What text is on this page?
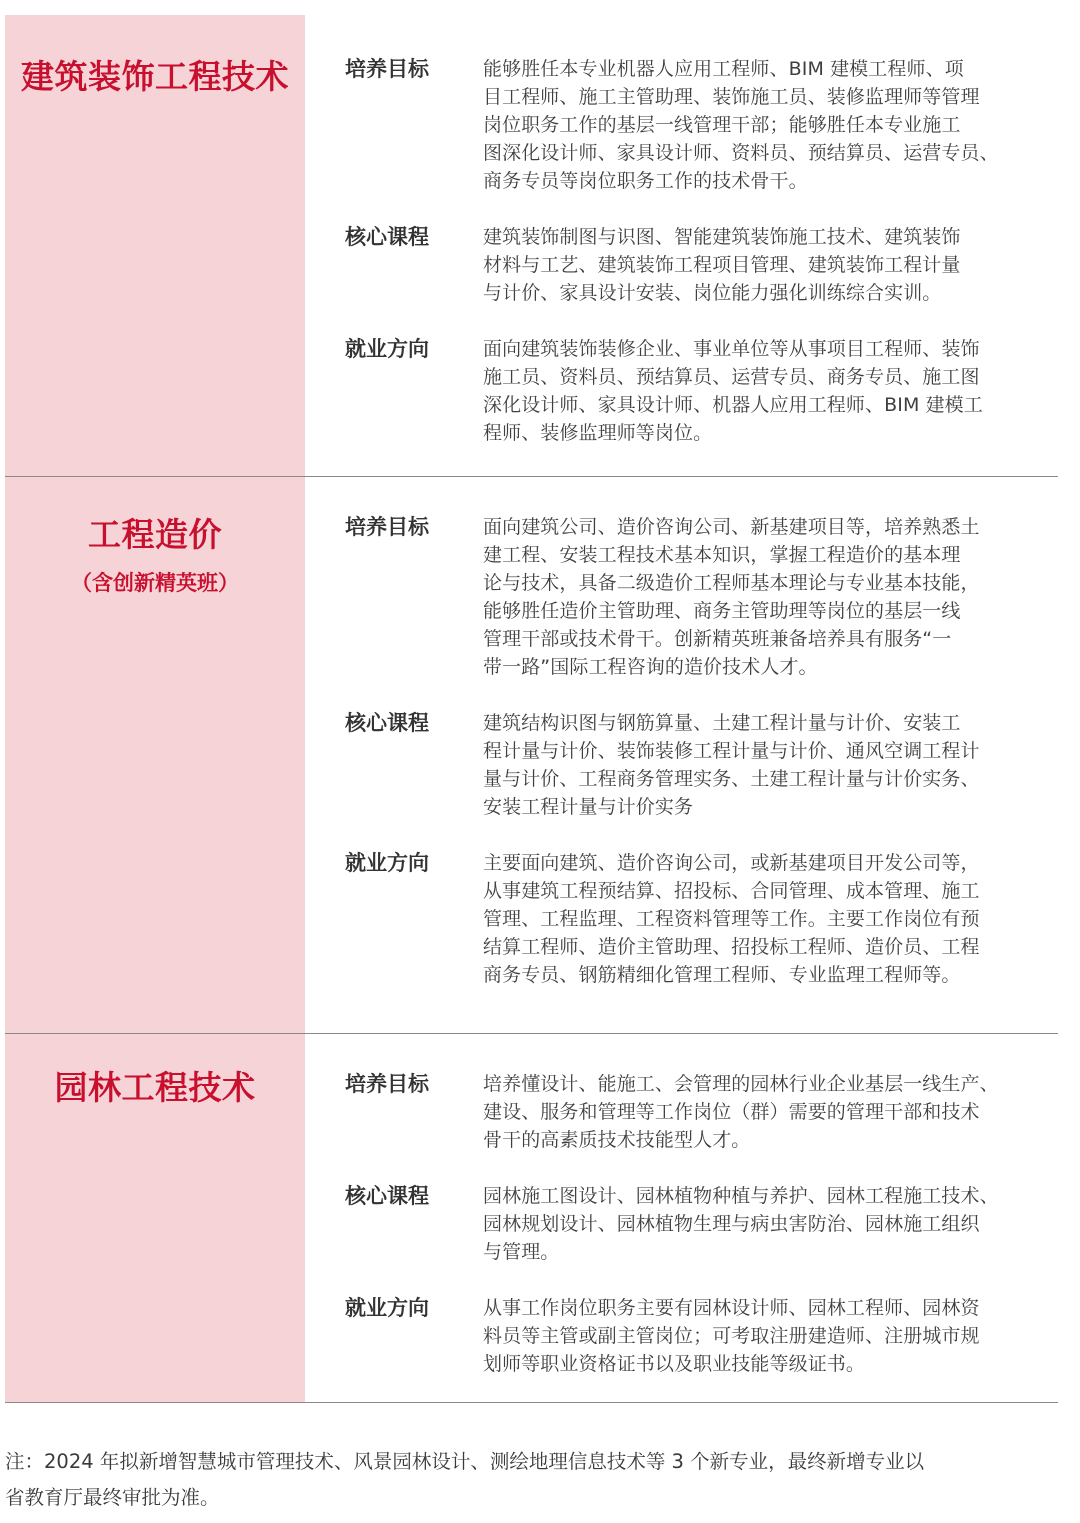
建筑装饰工程技术	培养目标	能够胜任本专业机器人应用工程师、BIM 建模工程师、项
目工程师、施工主管助理、装饰施工员、装修监理师等管理
岗位职务工作的基层一线管理干部；能够胜任本专业施工
图深化设计师、家具设计师、资料员、预结算员、运营专员、
商务专员等岗位职务工作的技术骨干。
核心课程	建筑装饰制图与识图、智能建筑装饰施工技术、建筑装饰
材料与工艺、建筑装饰工程项目管理、建筑装饰工程计量
与计价、家具设计安装、岗位能力强化训练综合实训。
就业方向	面向建筑装饰装修企业、事业单位等从事项目工程师、装饰
施工员、资料员、预结算员、运营专员、商务专员、施工图
深化设计师、家具设计师、机器人应用工程师、BIM 建模工
程师、装修监理师等岗位。
工程造价
（含创新精英班）
培养目标	面向建筑公司、造价咨询公司、新基建项目等，培养熟悉土
建工程、安装工程技术基本知识，掌握工程造价的基本理
论与技术，具备二级造价工程师基本理论与专业基本技能，
能够胜任造价主管助理、商务主管助理等岗位的基层一线
管理干部或技术骨干。创新精英班兼备培养具有服务“一
带一路”国际工程咨询的造价技术人才。
核心课程	建筑结构识图与钢筋算量、土建工程计量与计价、安装工
程计量与计价、装饰装修工程计量与计价、通风空调工程计
量与计价、工程商务管理实务、土建工程计量与计价实务、
安装工程计量与计价实务
就业方向	主要面向建筑、造价咨询公司，或新基建项目开发公司等，
从事建筑工程预结算、招投标、合同管理、成本管理、施工
管理、工程监理、工程资料管理等工作。主要工作岗位有预
结算工程师、造价主管助理、招投标工程师、造价员、工程
商务专员、钢筋精细化管理工程师、专业监理工程师等。
园林工程技术	培养目标	培养懂设计、能施工、会管理的园林行业企业基层一线生产、
建设、服务和管理等工作岗位（群）需要的管理干部和技术
骨干的高素质技术技能型人才。
核心课程	园林施工图设计、园林植物种植与养护、园林工程施工技术、
园林规划设计、园林植物生理与病虫害防治、园林施工组织
与管理。
就业方向	从事工作岗位职务主要有园林设计师、园林工程师、园林资
料员等主管或副主管岗位；可考取注册建造师、注册城市规
划师等职业资格证书以及职业技能等级证书。
注：2024 年拟新增智慧城市管理技术、风景园林设计、测绘地理信息技术等 3 个新专业，最终新增专业以
省教育厅最终审批为准。
